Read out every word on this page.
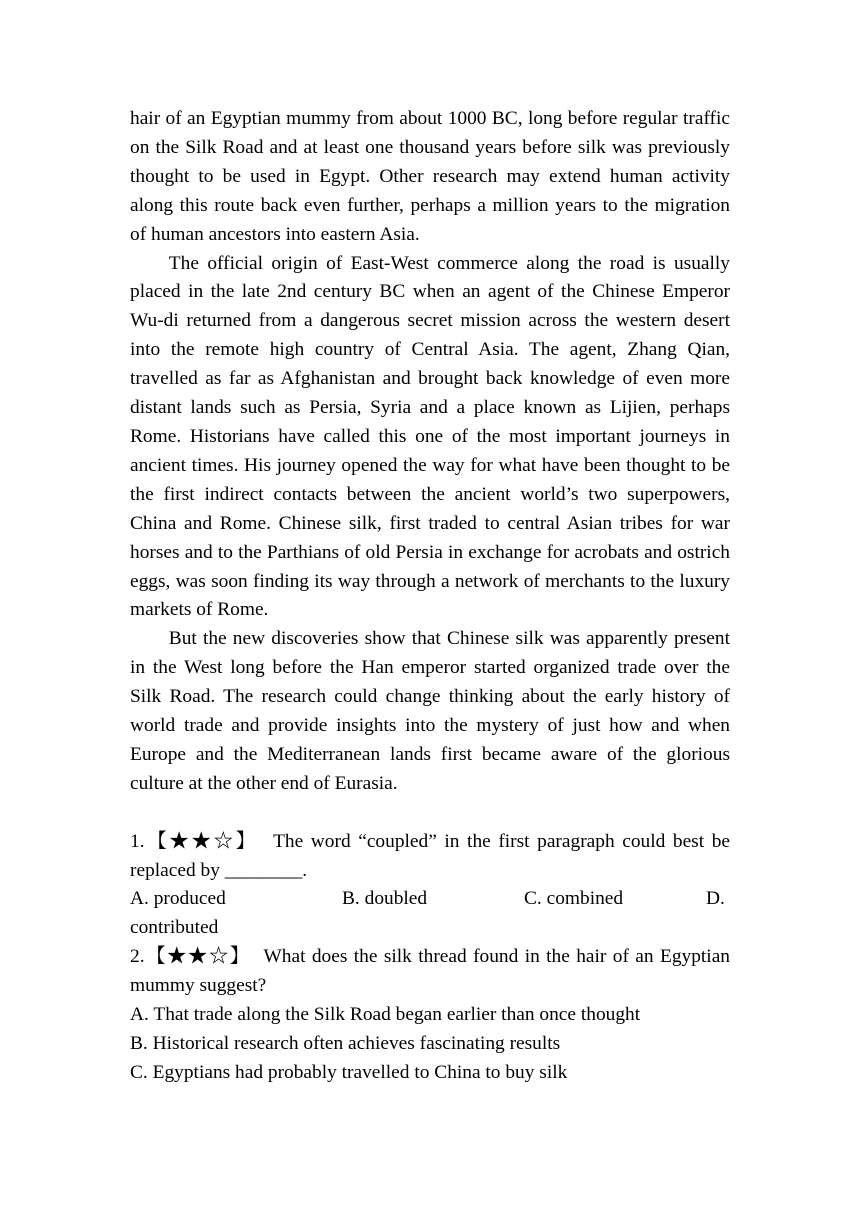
hair of an Egyptian mummy from about 1000 BC, long before regular traffic on the Silk Road and at least one thousand years before silk was previously thought to be used in Egypt. Other research may extend human activity along this route back even further, perhaps a million years to the migration of human ancestors into eastern Asia.

The official origin of East-West commerce along the road is usually placed in the late 2nd century BC when an agent of the Chinese Emperor Wu-di returned from a dangerous secret mission across the western desert into the remote high country of Central Asia. The agent, Zhang Qian, travelled as far as Afghanistan and brought back knowledge of even more distant lands such as Persia, Syria and a place known as Lijien, perhaps Rome. Historians have called this one of the most important journeys in ancient times. His journey opened the way for what have been thought to be the first indirect contacts between the ancient world’s two superpowers, China and Rome. Chinese silk, first traded to central Asian tribes for war horses and to the Parthians of old Persia in exchange for acrobats and ostrich eggs, was soon finding its way through a network of merchants to the luxury markets of Rome.

But the new discoveries show that Chinese silk was apparently present in the West long before the Han emperor started organized trade over the Silk Road. The research could change thinking about the early history of world trade and provide insights into the mystery of just how and when Europe and the Mediterranean lands first became aware of the glorious culture at the other end of Eurasia.

1.【★★☆】 The word “coupled” in the first paragraph could best be replaced by ________.

A. produced	B. doubled	C. combined	D.

contributed

2.【★★☆】 What does the silk thread found in the hair of an Egyptian mummy suggest?

A. That trade along the Silk Road began earlier than once thought

B. Historical research often achieves fascinating results

C. Egyptians had probably travelled to China to buy silk
